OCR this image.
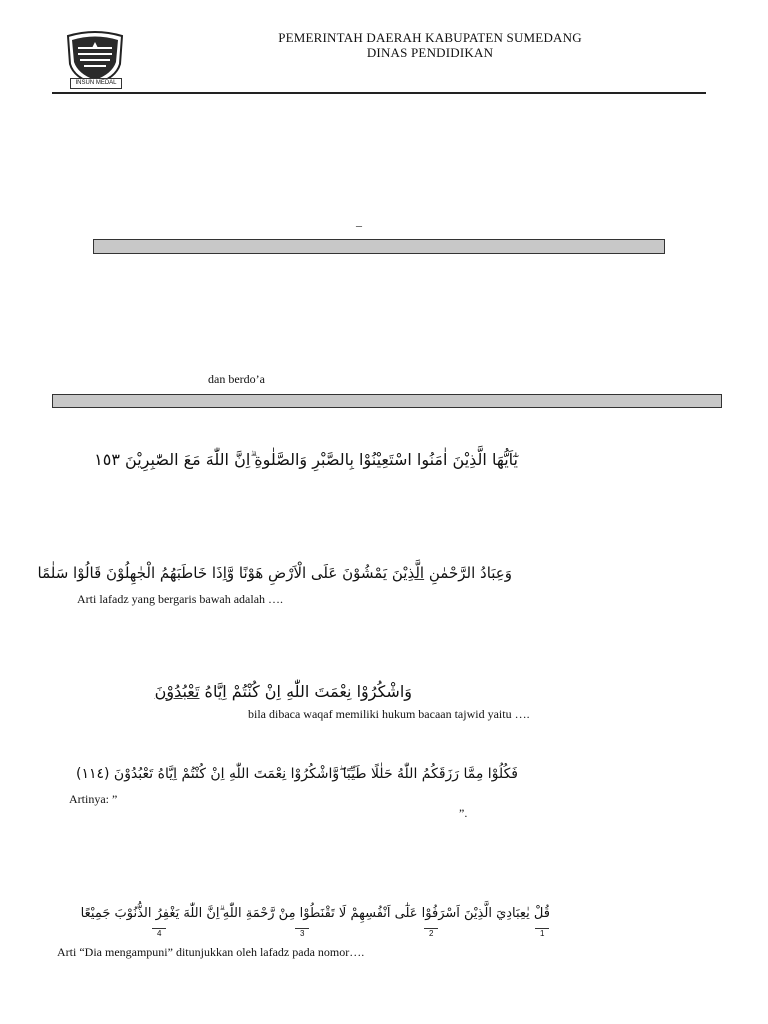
INSUN MEDAL
PEMERINTAH DAERAH KABUPATEN SUMEDANG
DINAS PENDIDIKAN
–
dan berdo’a
يٰٓاَيُّهَا الَّذِيْنَ اٰمَنُوا اسْتَعِيْنُوْا بِالصَّبْرِ وَالصَّلٰوةِ ۗاِنَّ اللّٰهَ مَعَ الصّٰبِرِيْنَ ١٥٣
وَعِبَادُ الرَّحْمٰنِ الَّذِيْنَ يَمْشُوْنَ عَلَى الْاَرْضِ هَوْنًا وَّاِذَا خَاطَبَهُمُ الْجٰهِلُوْنَ قَالُوْا سَلٰمًا
Arti lafadz yang bergaris bawah adalah ….
وَاشْكُرُوْا نِعْمَتَ اللّٰهِ اِنْ كُنْتُمْ اِيَّاهُ تَعْبُدُوْنَ
bila dibaca waqaf memiliki hukum bacaan tajwid yaitu ….
فَكُلُوْا مِمَّا رَزَقَكُمُ اللّٰهُ حَلٰلًا طَيِّبًا ۖوَّاشْكُرُوْا نِعْمَتَ اللّٰهِ اِنْ كُنْتُمْ اِيَّاهُ تَعْبُدُوْنَ (١١٤)
Artinya: ”
”.
قُلْ يٰعِبَادِيَ الَّذِيْنَ اَسْرَفُوْا عَلٰٓى اَنْفُسِهِمْ لَا تَقْنَطُوْا مِنْ رَّحْمَةِ اللّٰهِ ۗاِنَّ اللّٰهَ يَغْفِرُ الذُّنُوْبَ جَمِيْعًا
1
2
3
4
Arti “Dia mengampuni” ditunjukkan oleh lafadz pada nomor….
